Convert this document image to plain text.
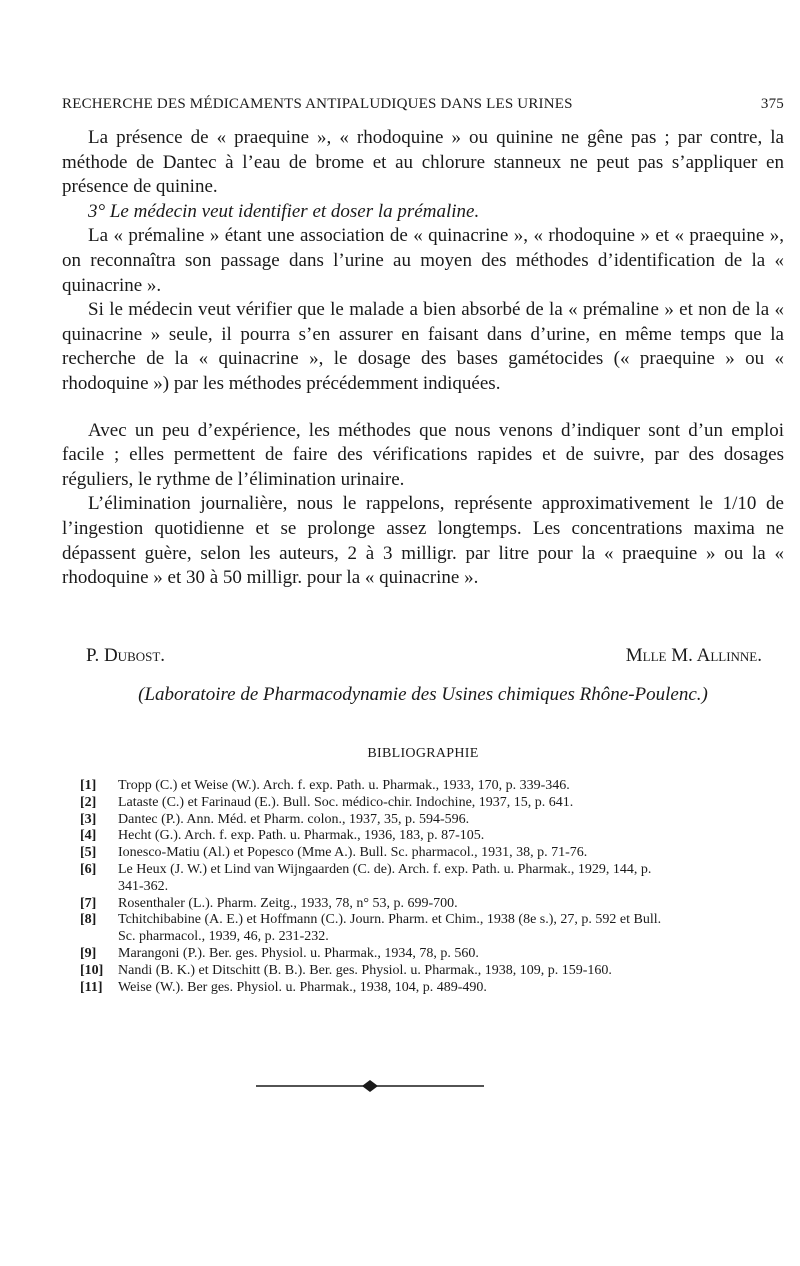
RECHERCHE DES MÉDICAMENTS ANTIPALUDIQUES DANS LES URINES	375

La présence de « praequine », « rhodoquine » ou quinine ne gêne pas ; par contre, la méthode de Dantec à l’eau de brome et au chlorure stanneux ne peut pas s’appliquer en présence de quinine.

3° Le médecin veut identifier et doser la prémaline.

La « prémaline » étant une association de « quinacrine », « rhodoquine » et « praequine », on reconnaîtra son passage dans l’urine au moyen des méthodes d’identification de la « quinacrine ».

Si le médecin veut vérifier que le malade a bien absorbé de la « prémaline » et non de la « quinacrine » seule, il pourra s’en assurer en faisant dans d’urine, en même temps que la recherche de la « quinacrine », le dosage des bases gamétocides (« praequine » ou « rhodoquine ») par les méthodes précédemment indiquées.

Avec un peu d’expérience, les méthodes que nous venons d’indiquer sont d’un emploi facile ; elles permettent de faire des vérifications rapides et de suivre, par des dosages réguliers, le rythme de l’élimination urinaire.

L’élimination journalière, nous le rappelons, représente approximativement le 1/10 de l’ingestion quotidienne et se prolonge assez longtemps. Les concentrations maxima ne dépassent guère, selon les auteurs, 2 à 3 milligr. par litre pour la « praequine » ou la « rhodoquine » et 30 à 50 milligr. pour la « quinacrine ».

P. Dubost.	Mlle M. Allinne.
(Laboratoire de Pharmacodynamie des Usines chimiques Rhône-Poulenc.)
BIBLIOGRAPHIE
[1]	Tropp (C.) et Weise (W.). Arch. f. exp. Path. u. Pharmak., 1933, 170, p. 339-346.
[2]	Lataste (C.) et Farinaud (E.). Bull. Soc. médico-chir. Indochine, 1937, 15, p. 641.
[3]	Dantec (P.). Ann. Méd. et Pharm. colon., 1937, 35, p. 594-596.
[4]	Hecht (G.). Arch. f. exp. Path. u. Pharmak., 1936, 183, p. 87-105.
[5]	Ionesco-Matiu (Al.) et Popesco (Mme A.). Bull. Sc. pharmacol., 1931, 38, p. 71-76.
[6]	Le Heux (J. W.) et Lind van Wijngaarden (C. de). Arch. f. exp. Path. u. Pharmak., 1929, 144, p. 341-362.
[7]	Rosenthaler (L.). Pharm. Zeitg., 1933, 78, n° 53, p. 699-700.
[8]	Tchitchibabine (A. E.) et Hoffmann (C.). Journ. Pharm. et Chim., 1938 (8e s.), 27, p. 592 et Bull. Sc. pharmacol., 1939, 46, p. 231-232.
[9]	Marangoni (P.). Ber. ges. Physiol. u. Pharmak., 1934, 78, p. 560.
[10]	Nandi (B. K.) et Ditschitt (B. B.). Ber. ges. Physiol. u. Pharmak., 1938, 109, p. 159-160.
[11]	Weise (W.). Ber ges. Physiol. u. Pharmak., 1938, 104, p. 489-490.
